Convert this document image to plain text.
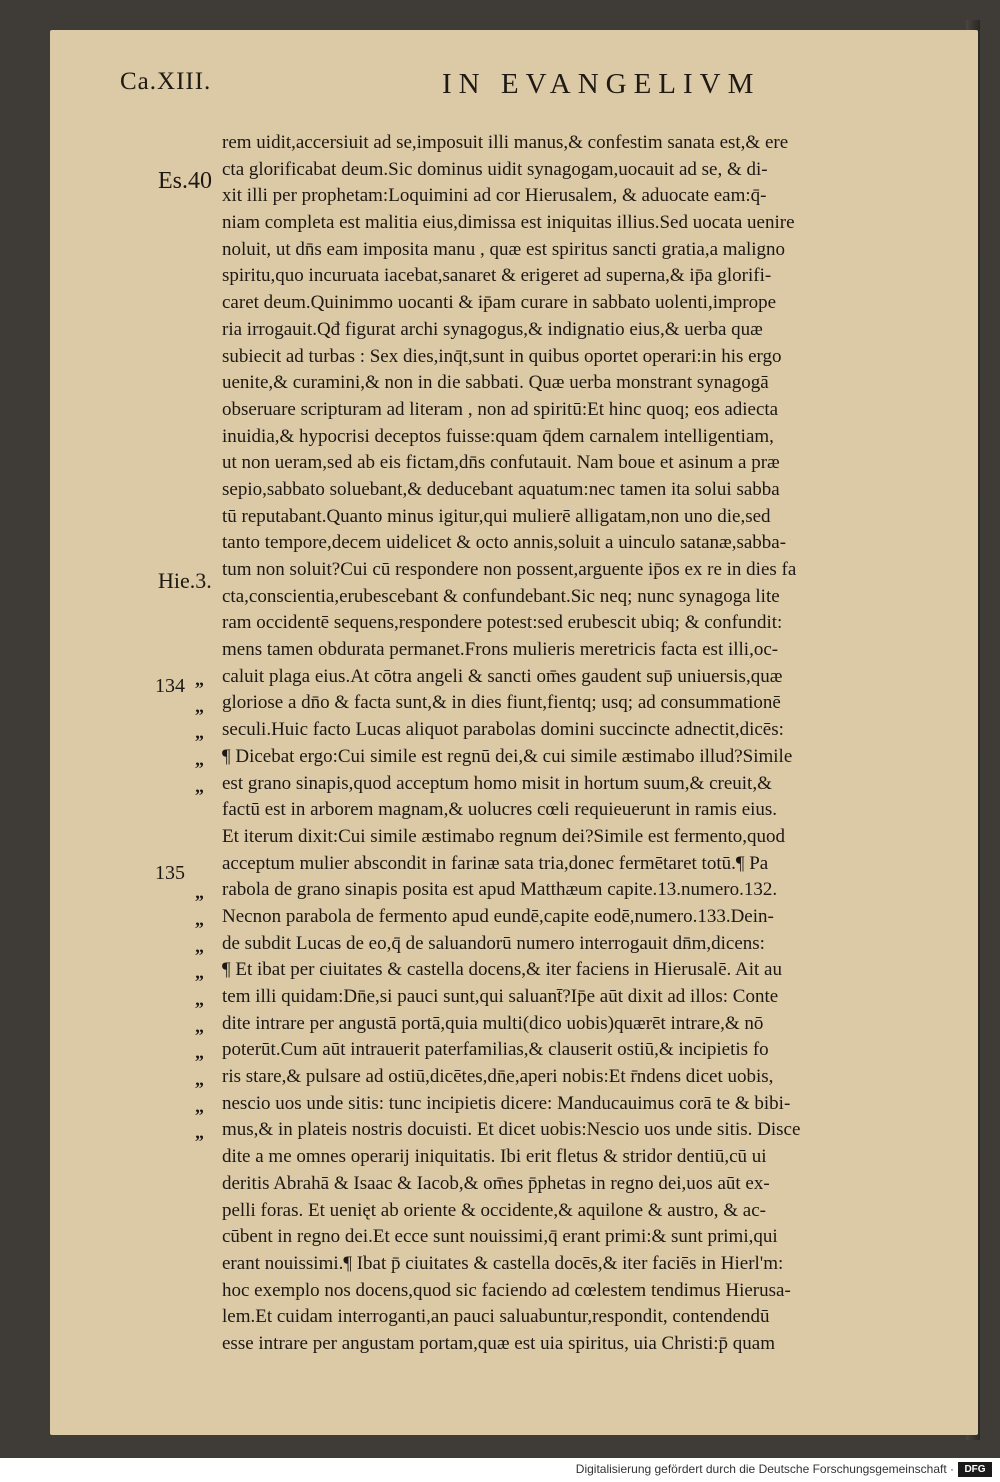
Ca.XIII.	IN EVANGELIVM
Es.40
Hie.3.
134
135
„
„
„
„
„
„
„
„
„
„
„
„
„
„
„
rem uidit,accersiuit ad se,imposuit illi manus,& confestim sanata est,& ere
cta glorificabat deum.Sic dominus uidit synagogam,uocauit ad se, & di-
xit illi per prophetam:Loquimini ad cor Hierusalem, & aduocate eam:q̄-
niam completa est malitia eius,dimissa est iniquitas illius.Sed uocata uenire
noluit, ut dn̄s eam imposita manu , quæ est spiritus sancti gratia,a maligno
spiritu,quo incuruata iacebat,sanaret & erigeret ad superna,& ip̄a glorifi-
caret deum.Quinimmo uocanti & ip̄am curare in sabbato uolenti,imprope
ria irrogauit.Qđ figurat archi synagogus,& indignatio eius,& uerba quæ
subiecit ad turbas : Sex dies,inq̄t,sunt in quibus oportet operari:in his ergo
uenite,& curamini,& non in die sabbati. Quæ uerba monstrant synagogā
obseruare scripturam ad literam , non ad spiritū:Et hinc quoq; eos adiecta
inuidia,& hypocrisi deceptos fuisse:quam q̄dem carnalem intelligentiam,
ut non ueram,sed ab eis fictam,dn̄s confutauit. Nam boue et asinum a præ
sepio,sabbato soluebant,& deducebant aquatum:nec tamen ita solui sabba
tū reputabant.Quanto minus igitur,qui mulierē alligatam,non uno die,sed
tanto tempore,decem uidelicet & octo annis,soluit a uinculo satanæ,sabba-
tum non soluit?Cui cū respondere non possent,arguente ip̄os ex re in dies fa
cta,conscientia,erubescebant & confundebant.Sic neq; nunc synagoga lite
ram occidentē sequens,respondere potest:sed erubescit ubiq; & confundit:
mens tamen obdurata permanet.Frons mulieris meretricis facta est illi,oc-
caluit plaga eius.At cōtra angeli & sancti om̄es gaudent sup̄ uniuersis,quæ
gloriose a dn̄o & facta sunt,& in dies fiunt,fientq; usq; ad consummationē
seculi.Huic facto Lucas aliquot parabolas domini succincte adnectit,dicēs:
¶ Dicebat ergo:Cui simile est regnū dei,& cui simile æstimabo illud?Simile
est grano sinapis,quod acceptum homo misit in hortum suum,& creuit,&
factū est in arborem magnam,& uolucres cœli requieuerunt in ramis eius.
Et iterum dixit:Cui simile æstimabo regnum dei?Simile est fermento,quod
acceptum mulier abscondit in farinæ sata tria,donec fermētaret totū.¶ Pa
rabola de grano sinapis posita est apud Matthæum capite.13.numero.132.
Necnon parabola de fermento apud eundē,capite eodē,numero.133.Dein-
de subdit Lucas de eo,q̄ de saluandorū numero interrogauit dn̄m,dicens:
¶ Et ibat per ciuitates & castella docens,& iter faciens in Hierusalē. Ait au
tem illi quidam:Dn̄e,si pauci sunt,qui saluant̄?Ip̄e aūt dixit ad illos: Conte
dite intrare per angustā portā,quia multi(dico uobis)quærēt intrare,& nō
poterūt.Cum aūt intrauerit paterfamilias,& clauserit ostiū,& incipietis fo
ris stare,& pulsare ad ostiū,dicētes,dn̄e,aperi nobis:Et r̄ndens dicet uobis,
nescio uos unde sitis: tunc incipietis dicere: Manducauimus corā te & bibi-
mus,& in plateis nostris docuisti. Et dicet uobis:Nescio uos unde sitis. Disce
dite a me omnes operarij iniquitatis. Ibi erit fletus & stridor dentiū,cū ui
deritis Abrahā & Isaac & Iacob,& om̄es p̄phetas in regno dei,uos aūt ex-
pelli foras. Et uenięt ab oriente & occidente,& aquilone & austro, & ac-
cūbent in regno dei.Et ecce sunt nouissimi,q̄ erant primi:& sunt primi,qui
erant nouissimi.¶ Ibat p̄ ciuitates & castella docēs,& iter faciēs in Hierl'm:
hoc exemplo nos docens,quod sic faciendo ad cœlestem tendimus Hierusa-
lem.Et cuidam interroganti,an pauci saluabuntur,respondit, contendendū
esse intrare per angustam portam,quæ est uia spiritus, uia Christi:p̄ quam
Digitalisierung gefördert durch die Deutsche Forschungsgemeinschaft ·	DFG
